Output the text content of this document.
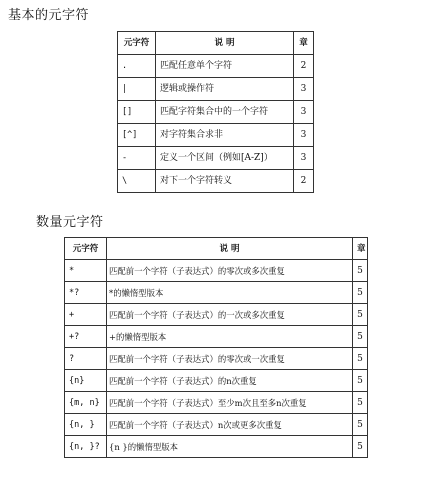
基本的元字符
元字符	说 明	章
.	匹配任意单个字符	2
|	逻辑或操作符	3
[]	匹配字符集合中的一个字符	3
[^]	对字符集合求非	3
-	定义一个区间（例如[A-Z]）	3
\	对下一个字符转义	2
数量元字符
元字符	说 明	章
*	匹配前一个字符（子表达式）的零次或多次重复	5
*?	*的懒惰型版本	5
+	匹配前一个字符（子表达式）的一次或多次重复	5
+?	+的懒惰型版本	5
?	匹配前一个字符（子表达式）的零次或一次重复	5
{n}	匹配前一个字符（子表达式）的n次重复	5
{m, n}	匹配前一个字符（子表达式）至少m次且至多n次重复	5
{n, }	匹配前一个字符（子表达式）n次或更多次重复	5
{n, }?	{n }的懒惰型版本	5
